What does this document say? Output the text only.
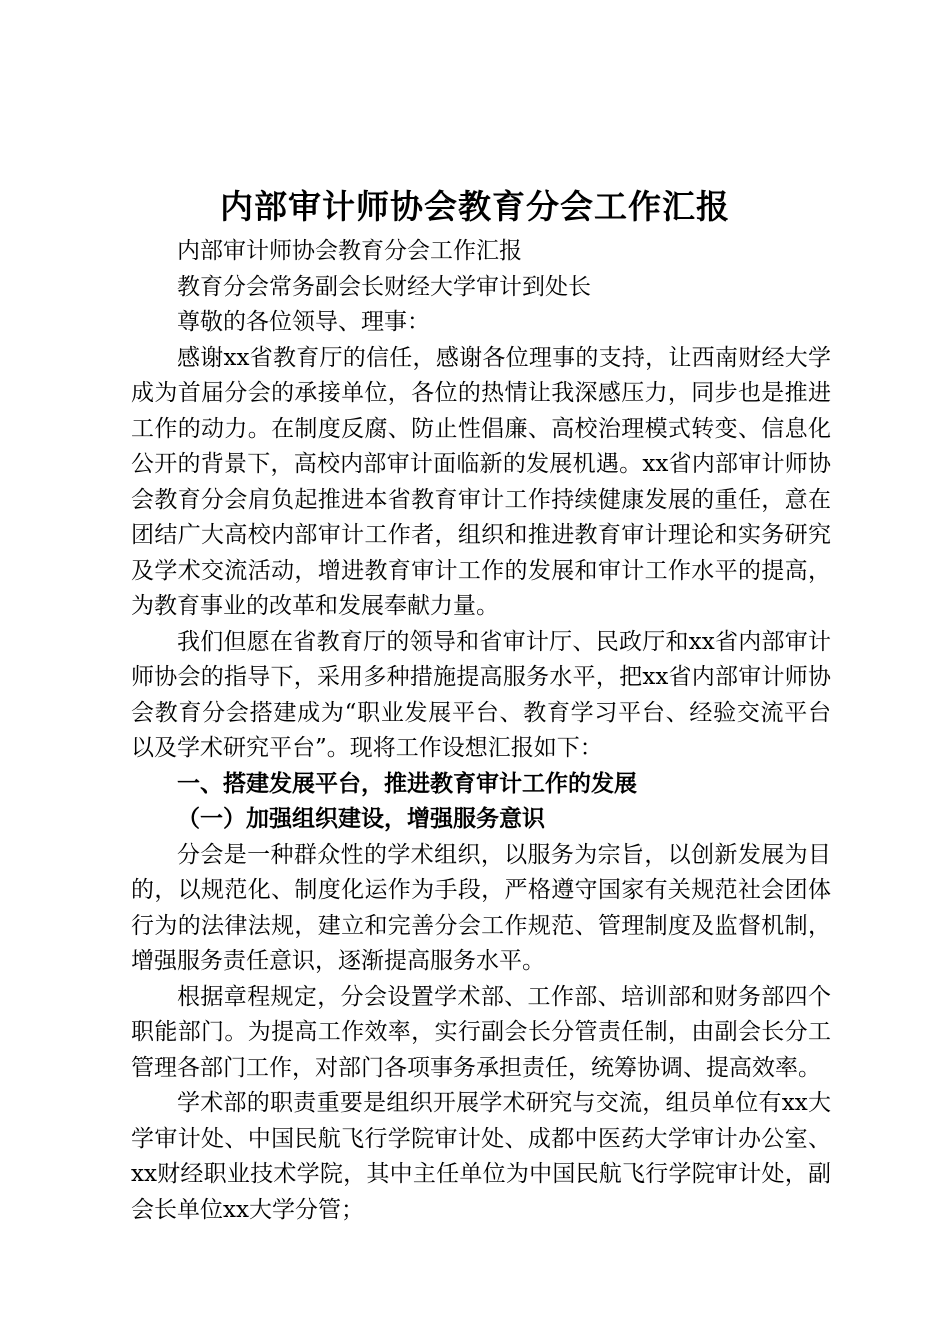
内部审计师协会教育分会工作汇报

内部审计师协会教育分会工作汇报

教育分会常务副会长财经大学审计到处长

尊敬的各位领导、理事：

感谢xx省教育厅的信任，感谢各位理事的支持，让西南财经大学成为首届分会的承接单位，各位的热情让我深感压力，同步也是推进工作的动力。在制度反腐、防止性倡廉、高校治理模式转变、信息化公开的背景下，高校内部审计面临新的发展机遇。xx省内部审计师协会教育分会肩负起推进本省教育审计工作持续健康发展的重任，意在团结广大高校内部审计工作者，组织和推进教育审计理论和实务研究及学术交流活动，增进教育审计工作的发展和审计工作水平的提高，为教育事业的改革和发展奉献力量。

我们但愿在省教育厅的领导和省审计厅、民政厅和xx省内部审计师协会的指导下，采用多种措施提高服务水平，把xx省内部审计师协会教育分会搭建成为“职业发展平台、教育学习平台、经验交流平台以及学术研究平台”。现将工作设想汇报如下：

一、搭建发展平台，推进教育审计工作的发展

（一）加强组织建设，增强服务意识

分会是一种群众性的学术组织，以服务为宗旨，以创新发展为目的，以规范化、制度化运作为手段，严格遵守国家有关规范社会团体行为的法律法规，建立和完善分会工作规范、管理制度及监督机制，增强服务责任意识，逐渐提高服务水平。

根据章程规定，分会设置学术部、工作部、培训部和财务部四个职能部门。为提高工作效率，实行副会长分管责任制，由副会长分工管理各部门工作，对部门各项事务承担责任，统筹协调、提高效率。

学术部的职责重要是组织开展学术研究与交流，组员单位有xx大学审计处、中国民航飞行学院审计处、成都中医药大学审计办公室、xx财经职业技术学院，其中主任单位为中国民航飞行学院审计处，副会长单位xx大学分管；
